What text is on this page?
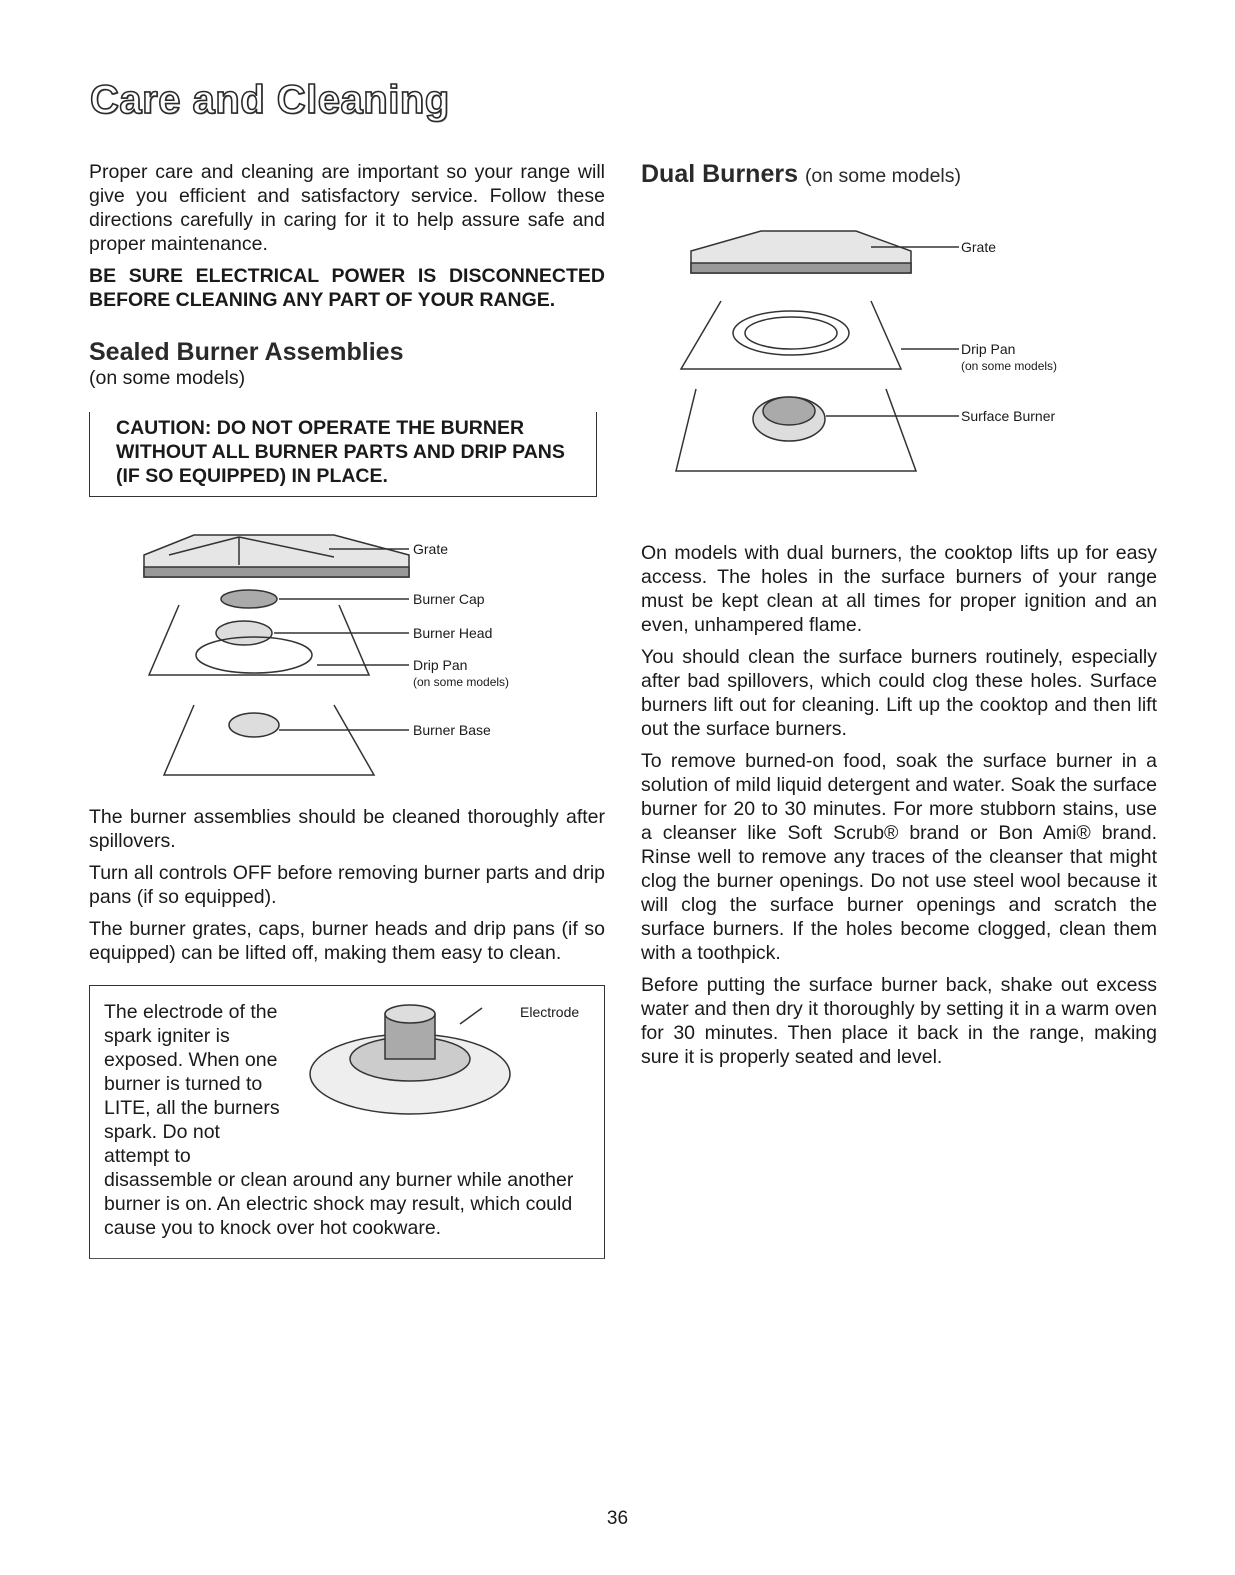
Care and Cleaning

Proper care and cleaning are important so your range will give you efficient and satisfactory service. Follow these directions carefully in caring for it to help assure safe and proper maintenance.

BE SURE ELECTRICAL POWER IS DISCONNECTED BEFORE CLEANING ANY PART OF YOUR RANGE.
Sealed Burner Assemblies
(on some models)
CAUTION: DO NOT OPERATE THE BURNER WITHOUT ALL BURNER PARTS AND DRIP PANS (IF SO EQUIPPED) IN PLACE.
Grate
Burner Cap
Burner Head
Drip Pan
(on some models)
Burner Base

The burner assemblies should be cleaned thoroughly after spillovers.

Turn all controls OFF before removing burner parts and drip pans (if so equipped).

The burner grates, caps, burner heads and drip pans (if so equipped) can be lifted off, making them easy to clean.

The electrode of the spark igniter is exposed. When one burner is turned to LITE, all the burners spark. Do not attempt to
disassemble or clean around any burner while another burner is on. An electric shock may result, which could cause you to knock over hot cookware.
Electrode
Dual Burners (on some models)
Grate
Drip Pan
(on some models)
Surface Burner

On models with dual burners, the cooktop lifts up for easy access. The holes in the surface burners of your range must be kept clean at all times for proper ignition and an even, unhampered flame.

You should clean the surface burners routinely, especially after bad spillovers, which could clog these holes. Surface burners lift out for cleaning. Lift up the cooktop and then lift out the surface burners.

To remove burned-on food, soak the surface burner in a solution of mild liquid detergent and water. Soak the surface burner for 20 to 30 minutes. For more stubborn stains, use a cleanser like Soft Scrub® brand or Bon Ami® brand. Rinse well to remove any traces of the cleanser that might clog the burner openings. Do not use steel wool because it will clog the surface burner openings and scratch the surface burners. If the holes become clogged, clean them with a toothpick.

Before putting the surface burner back, shake out excess water and then dry it thoroughly by setting it in a warm oven for 30 minutes. Then place it back in the range, making sure it is properly seated and level.

36
